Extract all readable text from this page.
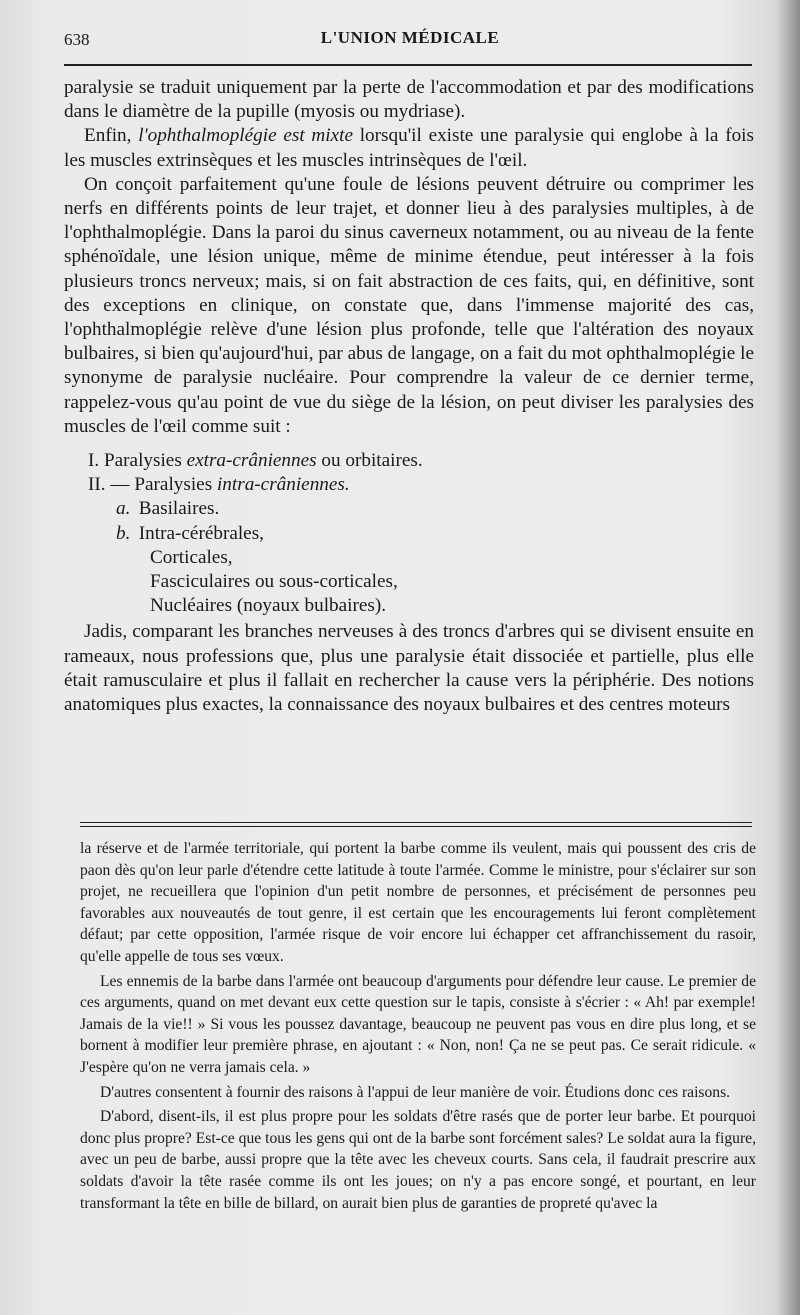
638	L'UNION MÉDICALE

paralysie se traduit uniquement par la perte de l'accommodation et par des modifications dans le diamètre de la pupille (myosis ou mydriase).

Enfin, l'ophthalmoplégie est mixte lorsqu'il existe une paralysie qui englobe à la fois les muscles extrinsèques et les muscles intrinsèques de l'œil.

On conçoit parfaitement qu'une foule de lésions peuvent détruire ou comprimer les nerfs en différents points de leur trajet, et donner lieu à des paralysies multiples, à de l'ophthalmoplégie. Dans la paroi du sinus caverneux notamment, ou au niveau de la fente sphénoïdale, une lésion unique, même de minime étendue, peut intéresser à la fois plusieurs troncs nerveux; mais, si on fait abstraction de ces faits, qui, en définitive, sont des exceptions en clinique, on constate que, dans l'immense majorité des cas, l'ophthalmoplégie relève d'une lésion plus profonde, telle que l'altération des noyaux bulbaires, si bien qu'aujourd'hui, par abus de langage, on a fait du mot ophthalmoplégie le synonyme de paralysie nucléaire. Pour comprendre la valeur de ce dernier terme, rappelez-vous qu'au point de vue du siège de la lésion, on peut diviser les paralysies des muscles de l'œil comme suit :

I. Paralysies extra-crâniennes ou orbitaires.
II. — Paralysies intra-crâniennes.
a. Basilaires.
b. Intra-cérébrales,
Corticales,
Fasciculaires ou sous-corticales,
Nucléaires (noyaux bulbaires).

Jadis, comparant les branches nerveuses à des troncs d'arbres qui se divisent ensuite en rameaux, nous professions que, plus une paralysie était dissociée et partielle, plus elle était ramusculaire et plus il fallait en rechercher la cause vers la périphérie. Des notions anatomiques plus exactes, la connaissance des noyaux bulbaires et des centres moteurs

la réserve et de l'armée territoriale, qui portent la barbe comme ils veulent, mais qui poussent des cris de paon dès qu'on leur parle d'étendre cette latitude à toute l'armée. Comme le ministre, pour s'éclairer sur son projet, ne recueillera que l'opinion d'un petit nombre de personnes, et précisément de personnes peu favorables aux nouveautés de tout genre, il est certain que les encouragements lui feront complètement défaut; par cette opposition, l'armée risque de voir encore lui échapper cet affranchissement du rasoir, qu'elle appelle de tous ses vœux.

Les ennemis de la barbe dans l'armée ont beaucoup d'arguments pour défendre leur cause. Le premier de ces arguments, quand on met devant eux cette question sur le tapis, consiste à s'écrier : « Ah! par exemple! Jamais de la vie!! » Si vous les poussez davantage, beaucoup ne peuvent pas vous en dire plus long, et se bornent à modifier leur première phrase, en ajoutant : « Non, non! Ça ne se peut pas. Ce serait ridicule. « J'espère qu'on ne verra jamais cela. »

D'autres consentent à fournir des raisons à l'appui de leur manière de voir. Étudions donc ces raisons.

D'abord, disent-ils, il est plus propre pour les soldats d'être rasés que de porter leur barbe. Et pourquoi donc plus propre? Est-ce que tous les gens qui ont de la barbe sont forcément sales? Le soldat aura la figure, avec un peu de barbe, aussi propre que la tête avec les cheveux courts. Sans cela, il faudrait prescrire aux soldats d'avoir la tête rasée comme ils ont les joues; on n'y a pas encore songé, et pourtant, en leur transformant la tête en bille de billard, on aurait bien plus de garanties de propreté qu'avec la
